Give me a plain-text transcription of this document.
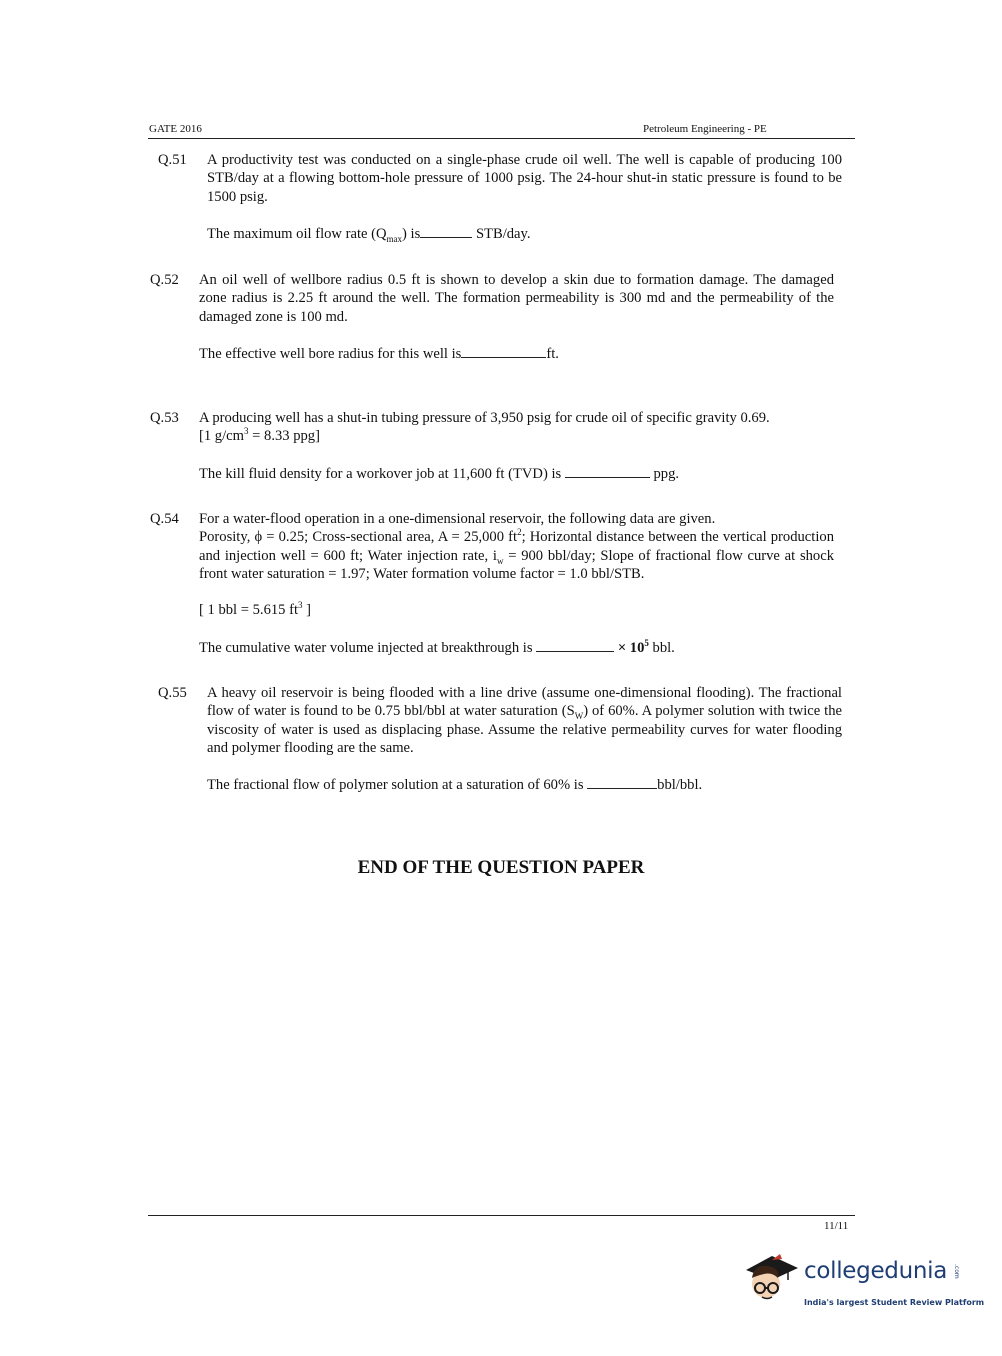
GATE 2016	Petroleum Engineering - PE
Q.51 A productivity test was conducted on a single-phase crude oil well. The well is capable of producing 100 STB/day at a flowing bottom-hole pressure of 1000 psig. The 24-hour shut-in static pressure is found to be 1500 psig.

The maximum oil flow rate $(Q_{max})$ is	STB/day.
Q.52 An oil well of wellbore radius 0.5 ft is shown to develop a skin due to formation damage. The damaged zone radius is 2.25 ft around the well. The formation permeability is 300 md and the permeability of the damaged zone is 100 md.

The effective well bore radius for this well is	ft.
Q.53 A producing well has a shut-in tubing pressure of 3,950 psig for crude oil of specific gravity 0.69.

[1 $g/cm^3 = 8.33$ ppg]

The kill fluid density for a workover job at 11,600 ft (TVD) is	ppg.
Q.54 For a water-flood operation in a one-dimensional reservoir, the following data are given.

Porosity, ϕ = 0.25; Cross-sectional area, A = 25,000 $ft^2$; Horizontal distance between the vertical production and injection well = 600 ft; Water injection rate, $i_w = 900$ bbl/day; Slope of fractional flow curve at shock front water saturation = 1.97; Water formation volume factor = 1.0 bbl/STB.

[ 1 bbl = 5.615 $ft^3$ ]
The cumulative water volume injected at breakthrough is	× $10^5$ bbl.
Q.55 A heavy oil reservoir is being flooded with a line drive (assume one-dimensional flooding). The fractional flow of water is found to be 0.75 bbl/bbl at water saturation $(S_W)$ of 60%. A polymer solution with twice the viscosity of water is used as displacing phase. Assume the relative permeability curves for water flooding and polymer flooding are the same.

The fractional flow of polymer solution at a saturation of 60% is	bbl/bbl.
END OF THE QUESTION PAPER
11/11
collegedunia .com
India's largest Student Review Platform
